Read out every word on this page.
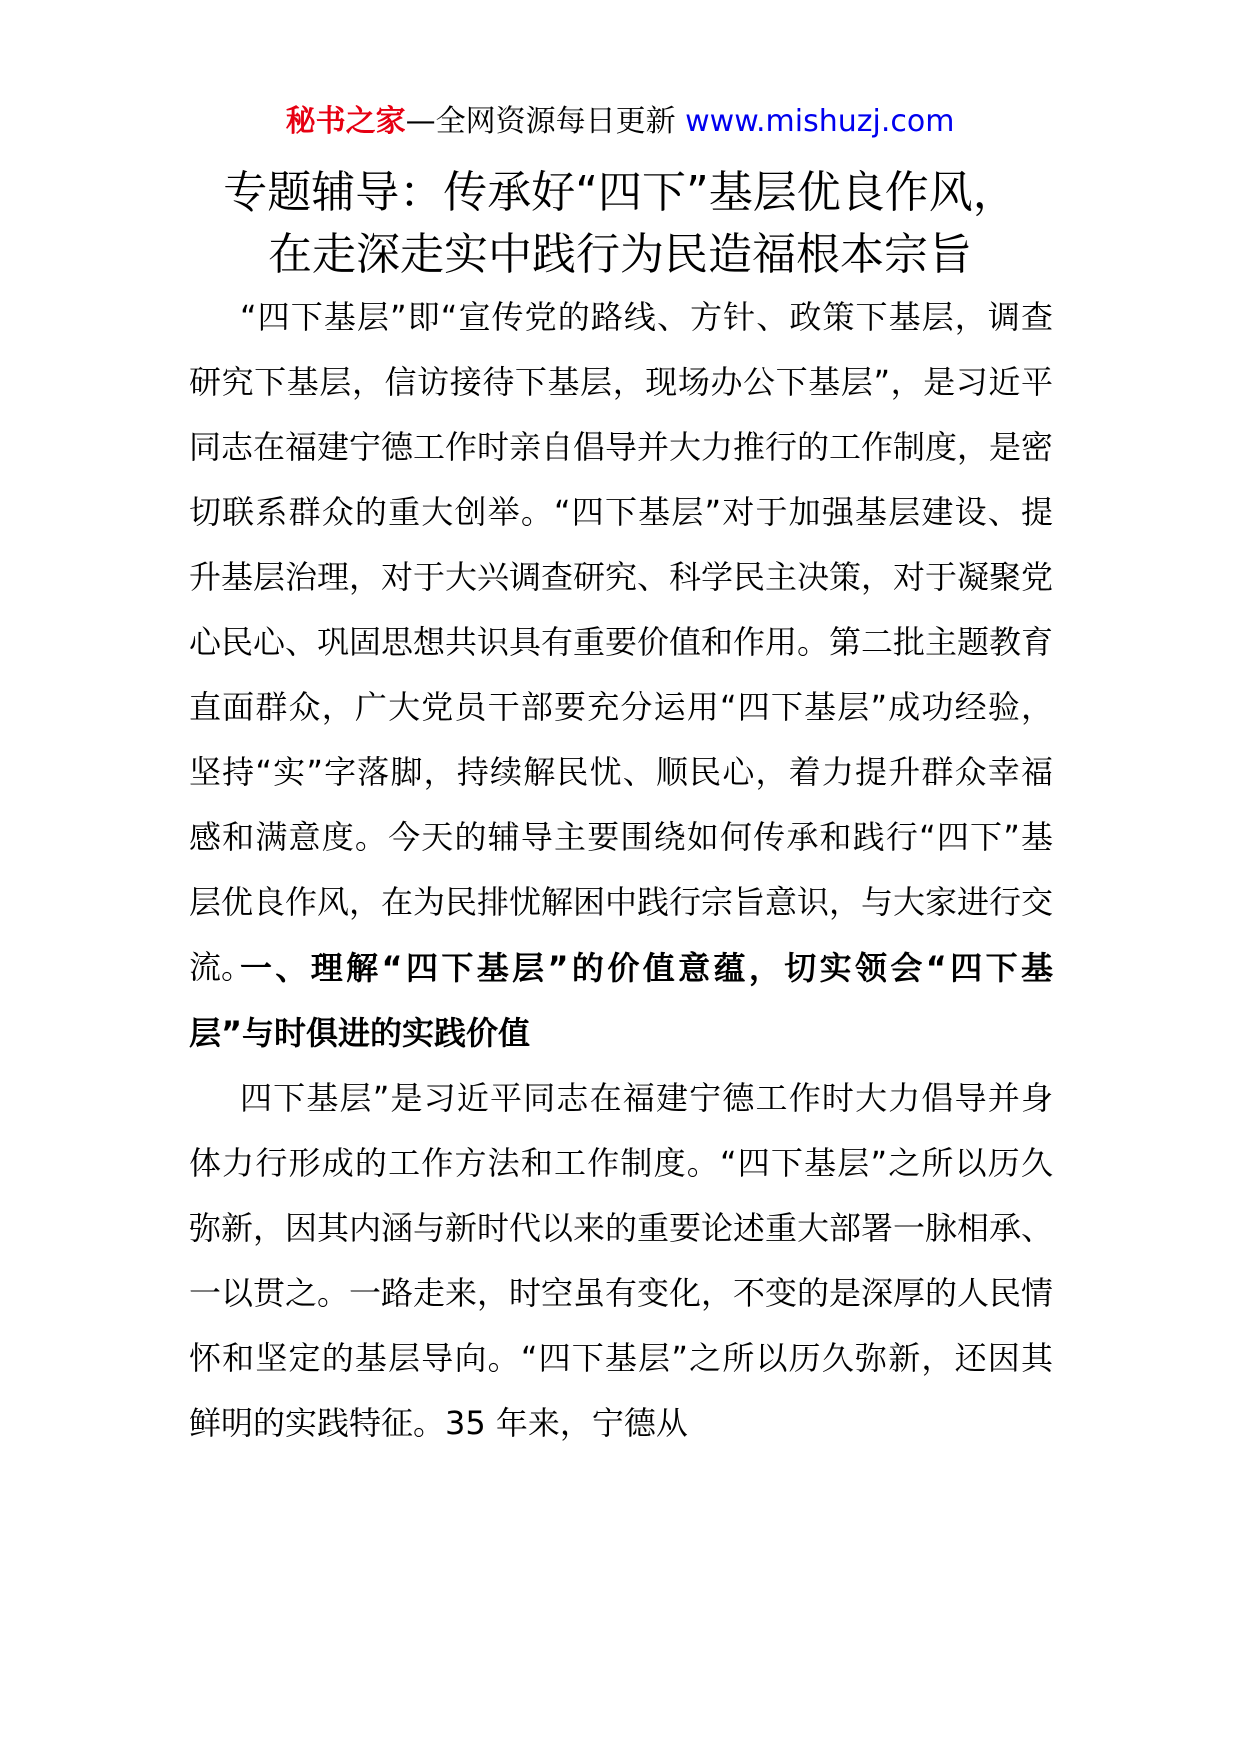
秘书之家—全网资源每日更新 www.mishuzj.com
专题辅导：传承好“四下”基层优良作风，
在走深走实中践行为民造福根本宗旨

“四下基层”即“宣传党的路线、方针、政策下基层，调查研究下基层，信访接待下基层，现场办公下基层”，是习近平同志在福建宁德工作时亲自倡导并大力推行的工作制度，是密切联系群众的重大创举。“四下基层”对于加强基层建设、提升基层治理，对于大兴调查研究、科学民主决策，对于凝聚党心民心、巩固思想共识具有重要价值和作用。第二批主题教育直面群众，广大党员干部要充分运用“四下基层”成功经验，坚持“实”字落脚，持续解民忧、顺民心，着力提升群众幸福感和满意度。今天的辅导主要围绕如何传承和践行“四下”基层优良作风，在为民排忧解困中践行宗旨意识，与大家进行交流。

一、理解“四下基层”的价值意蕴，切实领会“四下基层”与时俱进的实践价值

四下基层”是习近平同志在福建宁德工作时大力倡导并身体力行形成的工作方法和工作制度。“四下基层”之所以历久弥新，因其内涵与新时代以来的重要论述重大部署一脉相承、一以贯之。一路走来，时空虽有变化，不变的是深厚的人民情怀和坚定的基层导向。“四下基层”之所以历久弥新，还因其鲜明的实践特征。35 年来，宁德从
